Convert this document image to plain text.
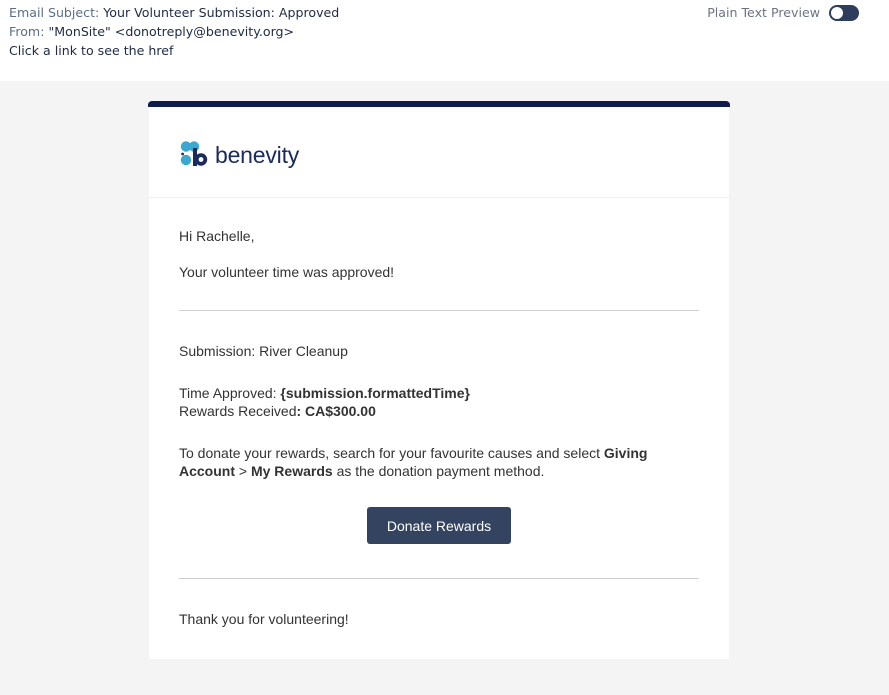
Email Subject: Your Volunteer Submission: Approved
From: "MonSite" <donotreply@benevity.org>
Click a link to see the href
Plain Text Preview
benevity
Hi Rachelle,
Your volunteer time was approved!
Submission: River Cleanup
Time Approved: {submission.formattedTime}
Rewards Received: CA$300.00
To donate your rewards, search for your favourite causes and select Giving Account > My Rewards as the donation payment method.
Donate Rewards
Thank you for volunteering!
